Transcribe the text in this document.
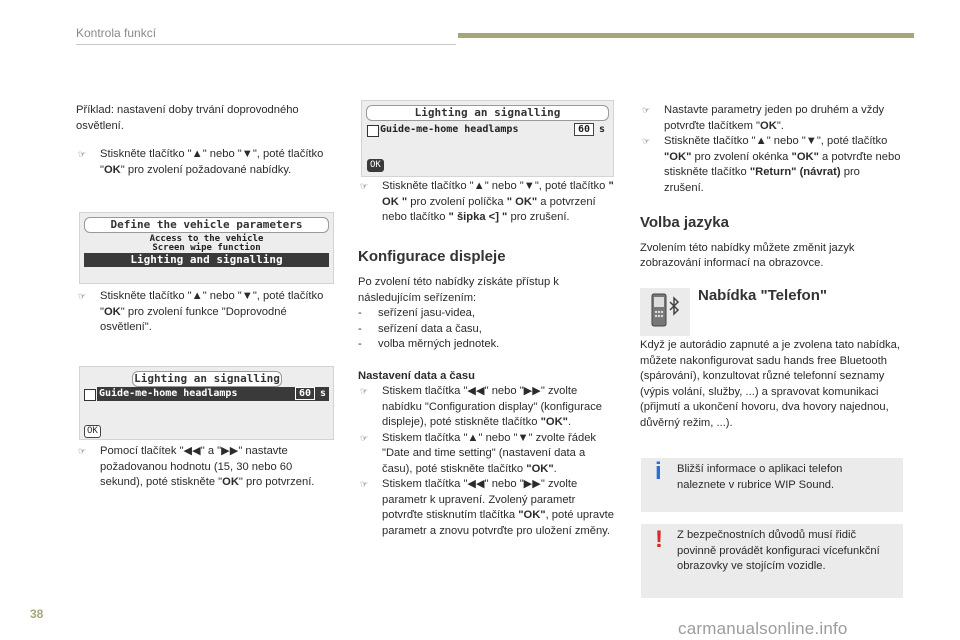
Kontrola funkcí

Příklad: nastavení doby trvání doprovodného osvětlení.

☞ Stiskněte tlačítko "▲" nebo "▼", poté tlačítko "OK" pro zvolení požadované nabídky.
Define the vehicle parameters
Access to the vehicle
Screen wipe function
Lighting and signalling
☞ Stiskněte tlačítko "▲" nebo "▼", poté tlačítko "OK" pro zvolení funkce "Doprovodné osvětlení".
Lighting an signalling
Guide-me-home headlamps	60 s
OK
☞ Pomocí tlačítek "◀◀" a "▶▶" nastavte požadovanou hodnotu (15, 30 nebo 60 sekund), poté stiskněte "OK" pro potvrzení.
Lighting an signalling
Guide-me-home headlamps	60 s
OK
☞ Stiskněte tlačítko "▲" nebo "▼", poté tlačítko " OK " pro zvolení políčka " OK" a potvrzení nebo tlačítko " šipka <] " pro zrušení.

Konfigurace displeje

Po zvolení této nabídky získáte přístup k následujícím seřízením:

- seřízení jasu-videa,
- seřízení data a času,
- volba měrných jednotek.

Nastavení data a času

☞ Stiskem tlačítka "◀◀" nebo "▶▶" zvolte nabídku "Configuration display" (konfigurace displeje), poté stiskněte tlačítko "OK".
☞ Stiskem tlačítka "▲" nebo "▼" zvolte řádek "Date and time setting" (nastavení data a času), poté stiskněte tlačítko "OK".
☞ Stiskem tlačítka "◀◀" nebo "▶▶" zvolte parametr k upravení. Zvolený parametr potvrďte stisknutím tlačítka "OK", poté upravte parametr a znovu potvrďte pro uložení změny.
☞ Nastavte parametry jeden po druhém a vždy potvrďte tlačítkem "OK".
☞ Stiskněte tlačítko "▲" nebo "▼", poté tlačítko "OK" pro zvolení okénka "OK" a potvrďte nebo stiskněte tlačítko "Return" (návrat) pro zrušení.

Volba jazyka

Zvolením této nabídky můžete změnit jazyk zobrazování informací na obrazovce.

Nabídka "Telefon"

Když je autorádio zapnuté a je zvolena tato nabídka, můžete nakonfigurovat sadu hands free Bluetooth (spárování), konzultovat různé telefonní seznamy (výpis volání, služby, ...) a spravovat komunikaci (přijmutí a ukončení hovoru, dva hovory najednou, důvěrný režim, ...).

i Bližší informace o aplikaci telefon naleznete v rubrice WIP Sound.

! Z bezpečnostních důvodů musí řidič povinně provádět konfiguraci vícefunkční obrazovky ve stojícím vozidle.

38
carmanualsonline.info
